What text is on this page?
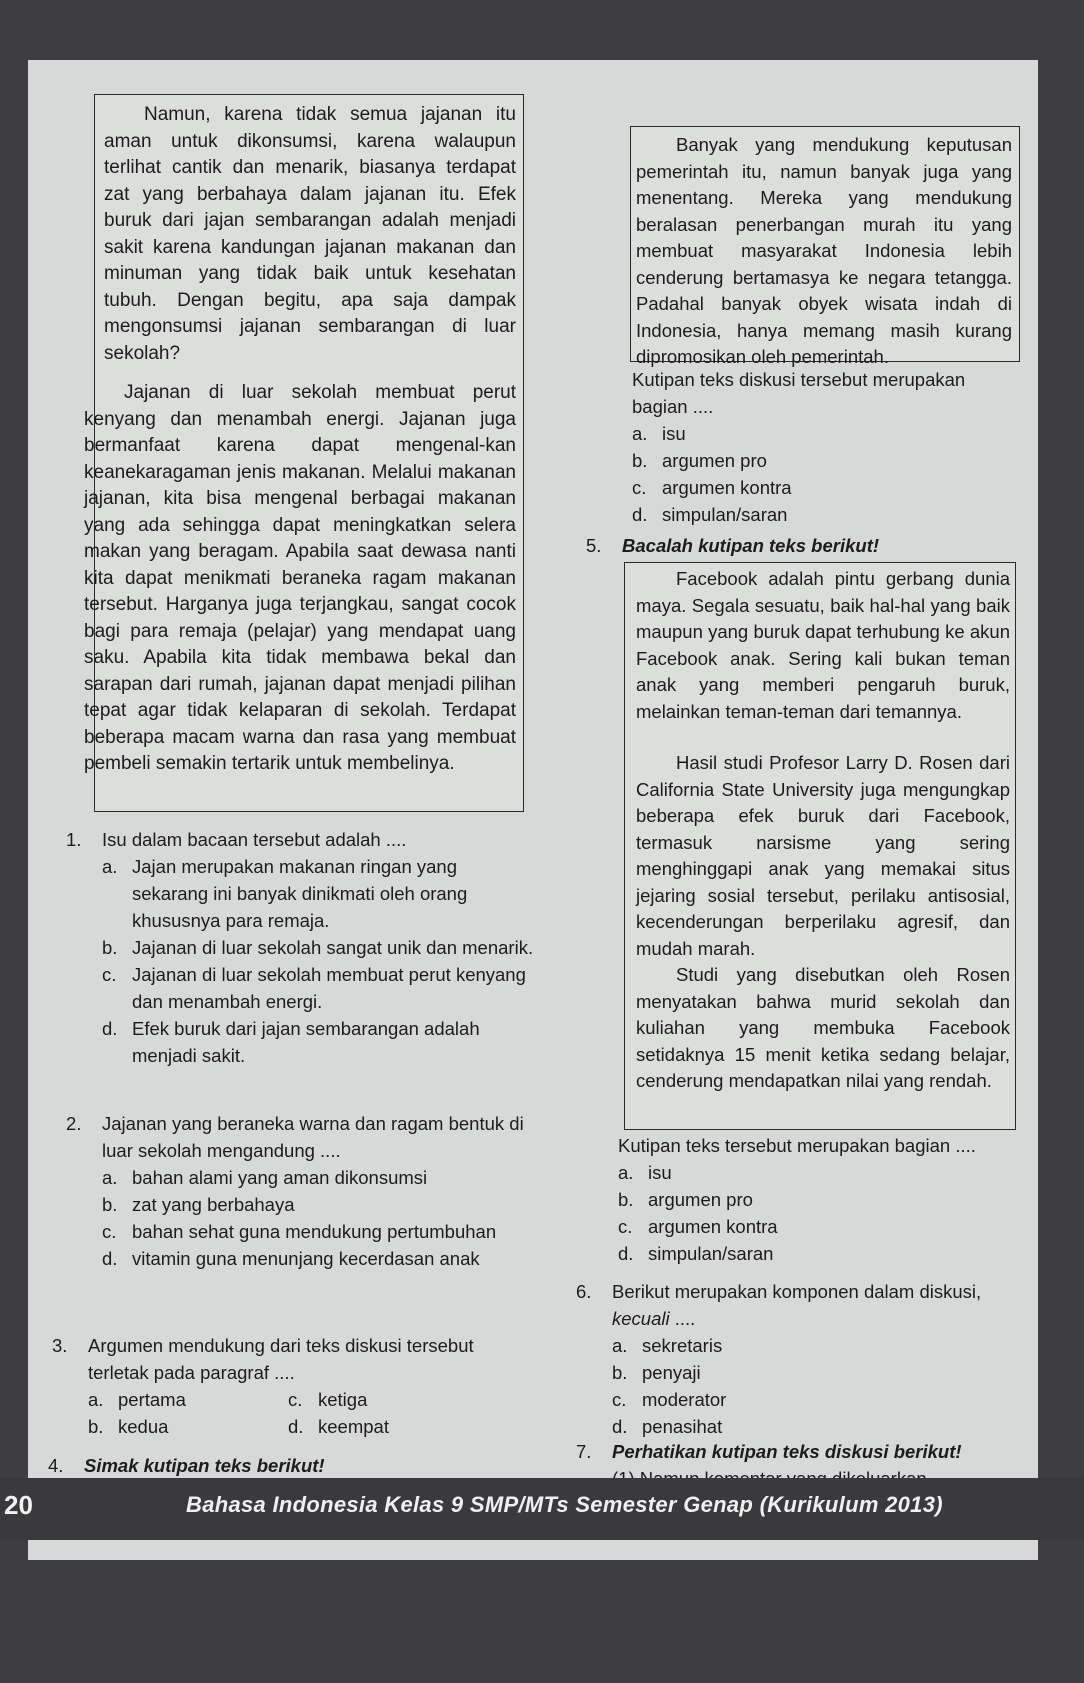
Namun, karena tidak semua jajanan itu aman untuk dikonsumsi, karena walaupun terlihat cantik dan menarik, biasanya terdapat zat yang berbahaya dalam jajanan itu. Efek buruk dari jajan sembarangan adalah menjadi sakit karena kandungan jajanan makanan dan minuman yang tidak baik untuk kesehatan tubuh. Dengan begitu, apa saja dampak mengonsumsi jajanan sembarangan di luar sekolah?

Jajanan di luar sekolah membuat perut kenyang dan menambah energi. Jajanan juga bermanfaat karena dapat mengenal-kan keanekaragaman jenis makanan. Melalui makanan jajanan, kita bisa mengenal berbagai makanan yang ada sehingga dapat meningkatkan selera makan yang beragam. Apabila saat dewasa nanti kita dapat menikmati beraneka ragam makanan tersebut. Harganya juga terjangkau, sangat cocok bagi para remaja (pelajar) yang mendapat uang saku. Apabila kita tidak membawa bekal dan sarapan dari rumah, jajanan dapat menjadi pilihan tepat agar tidak kelaparan di sekolah. Terdapat beberapa macam warna dan rasa yang membuat pembeli semakin tertarik untuk membelinya.

1. Isu dalam bacaan tersebut adalah ....
a. Jajan merupakan makanan ringan yang sekarang ini banyak dinikmati oleh orang khususnya para remaja.
b. Jajanan di luar sekolah sangat unik dan menarik.
c. Jajanan di luar sekolah membuat perut kenyang dan menambah energi.
d. Efek buruk dari jajan sembarangan adalah menjadi sakit.
2. Jajanan yang beraneka warna dan ragam bentuk di luar sekolah mengandung ....
a. bahan alami yang aman dikonsumsi
b. zat yang berbahaya
c. bahan sehat guna mendukung pertumbuhan
d. vitamin guna menunjang kecerdasan anak
3. Argumen mendukung dari teks diskusi tersebut terletak pada paragraf ....
a. pertama	c. ketiga
b. kedua	d. keempat
4. Simak kutipan teks berikut!

Banyak yang mendukung keputusan pemerintah itu, namun banyak juga yang menentang. Mereka yang mendukung beralasan penerbangan murah itu yang membuat masyarakat Indonesia lebih cenderung bertamasya ke negara tetangga. Padahal banyak obyek wisata indah di Indonesia, hanya memang masih kurang dipromosikan oleh pemerintah.

Kutipan teks diskusi tersebut merupakan bagian ....
a. isu
b. argumen pro
c. argumen kontra
d. simpulan/saran
5. Bacalah kutipan teks berikut!

Facebook adalah pintu gerbang dunia maya. Segala sesuatu, baik hal-hal yang baik maupun yang buruk dapat terhubung ke akun Facebook anak. Sering kali bukan teman anak yang memberi pengaruh buruk, melainkan teman-teman dari temannya.

Hasil studi Profesor Larry D. Rosen dari California State University juga mengungkap beberapa efek buruk dari Facebook, termasuk narsisme yang sering menghinggapi anak yang memakai situs jejaring sosial tersebut, perilaku antisosial, kecenderungan berperilaku agresif, dan mudah marah.

Studi yang disebutkan oleh Rosen menyatakan bahwa murid sekolah dan kuliahan yang membuka Facebook setidaknya 15 menit ketika sedang belajar, cenderung mendapatkan nilai yang rendah.

Kutipan teks tersebut merupakan bagian ....
a. isu
b. argumen pro
c. argumen kontra
d. simpulan/saran
6. Berikut merupakan komponen dalam diskusi, kecuali ....
a. sekretaris
b. penyaji
c. moderator
d. penasihat
7. Perhatikan kutipan teks diskusi berikut!
20	Bahasa Indonesia Kelas 9 SMP/MTs Semester Genap (Kurikulum 2013)
